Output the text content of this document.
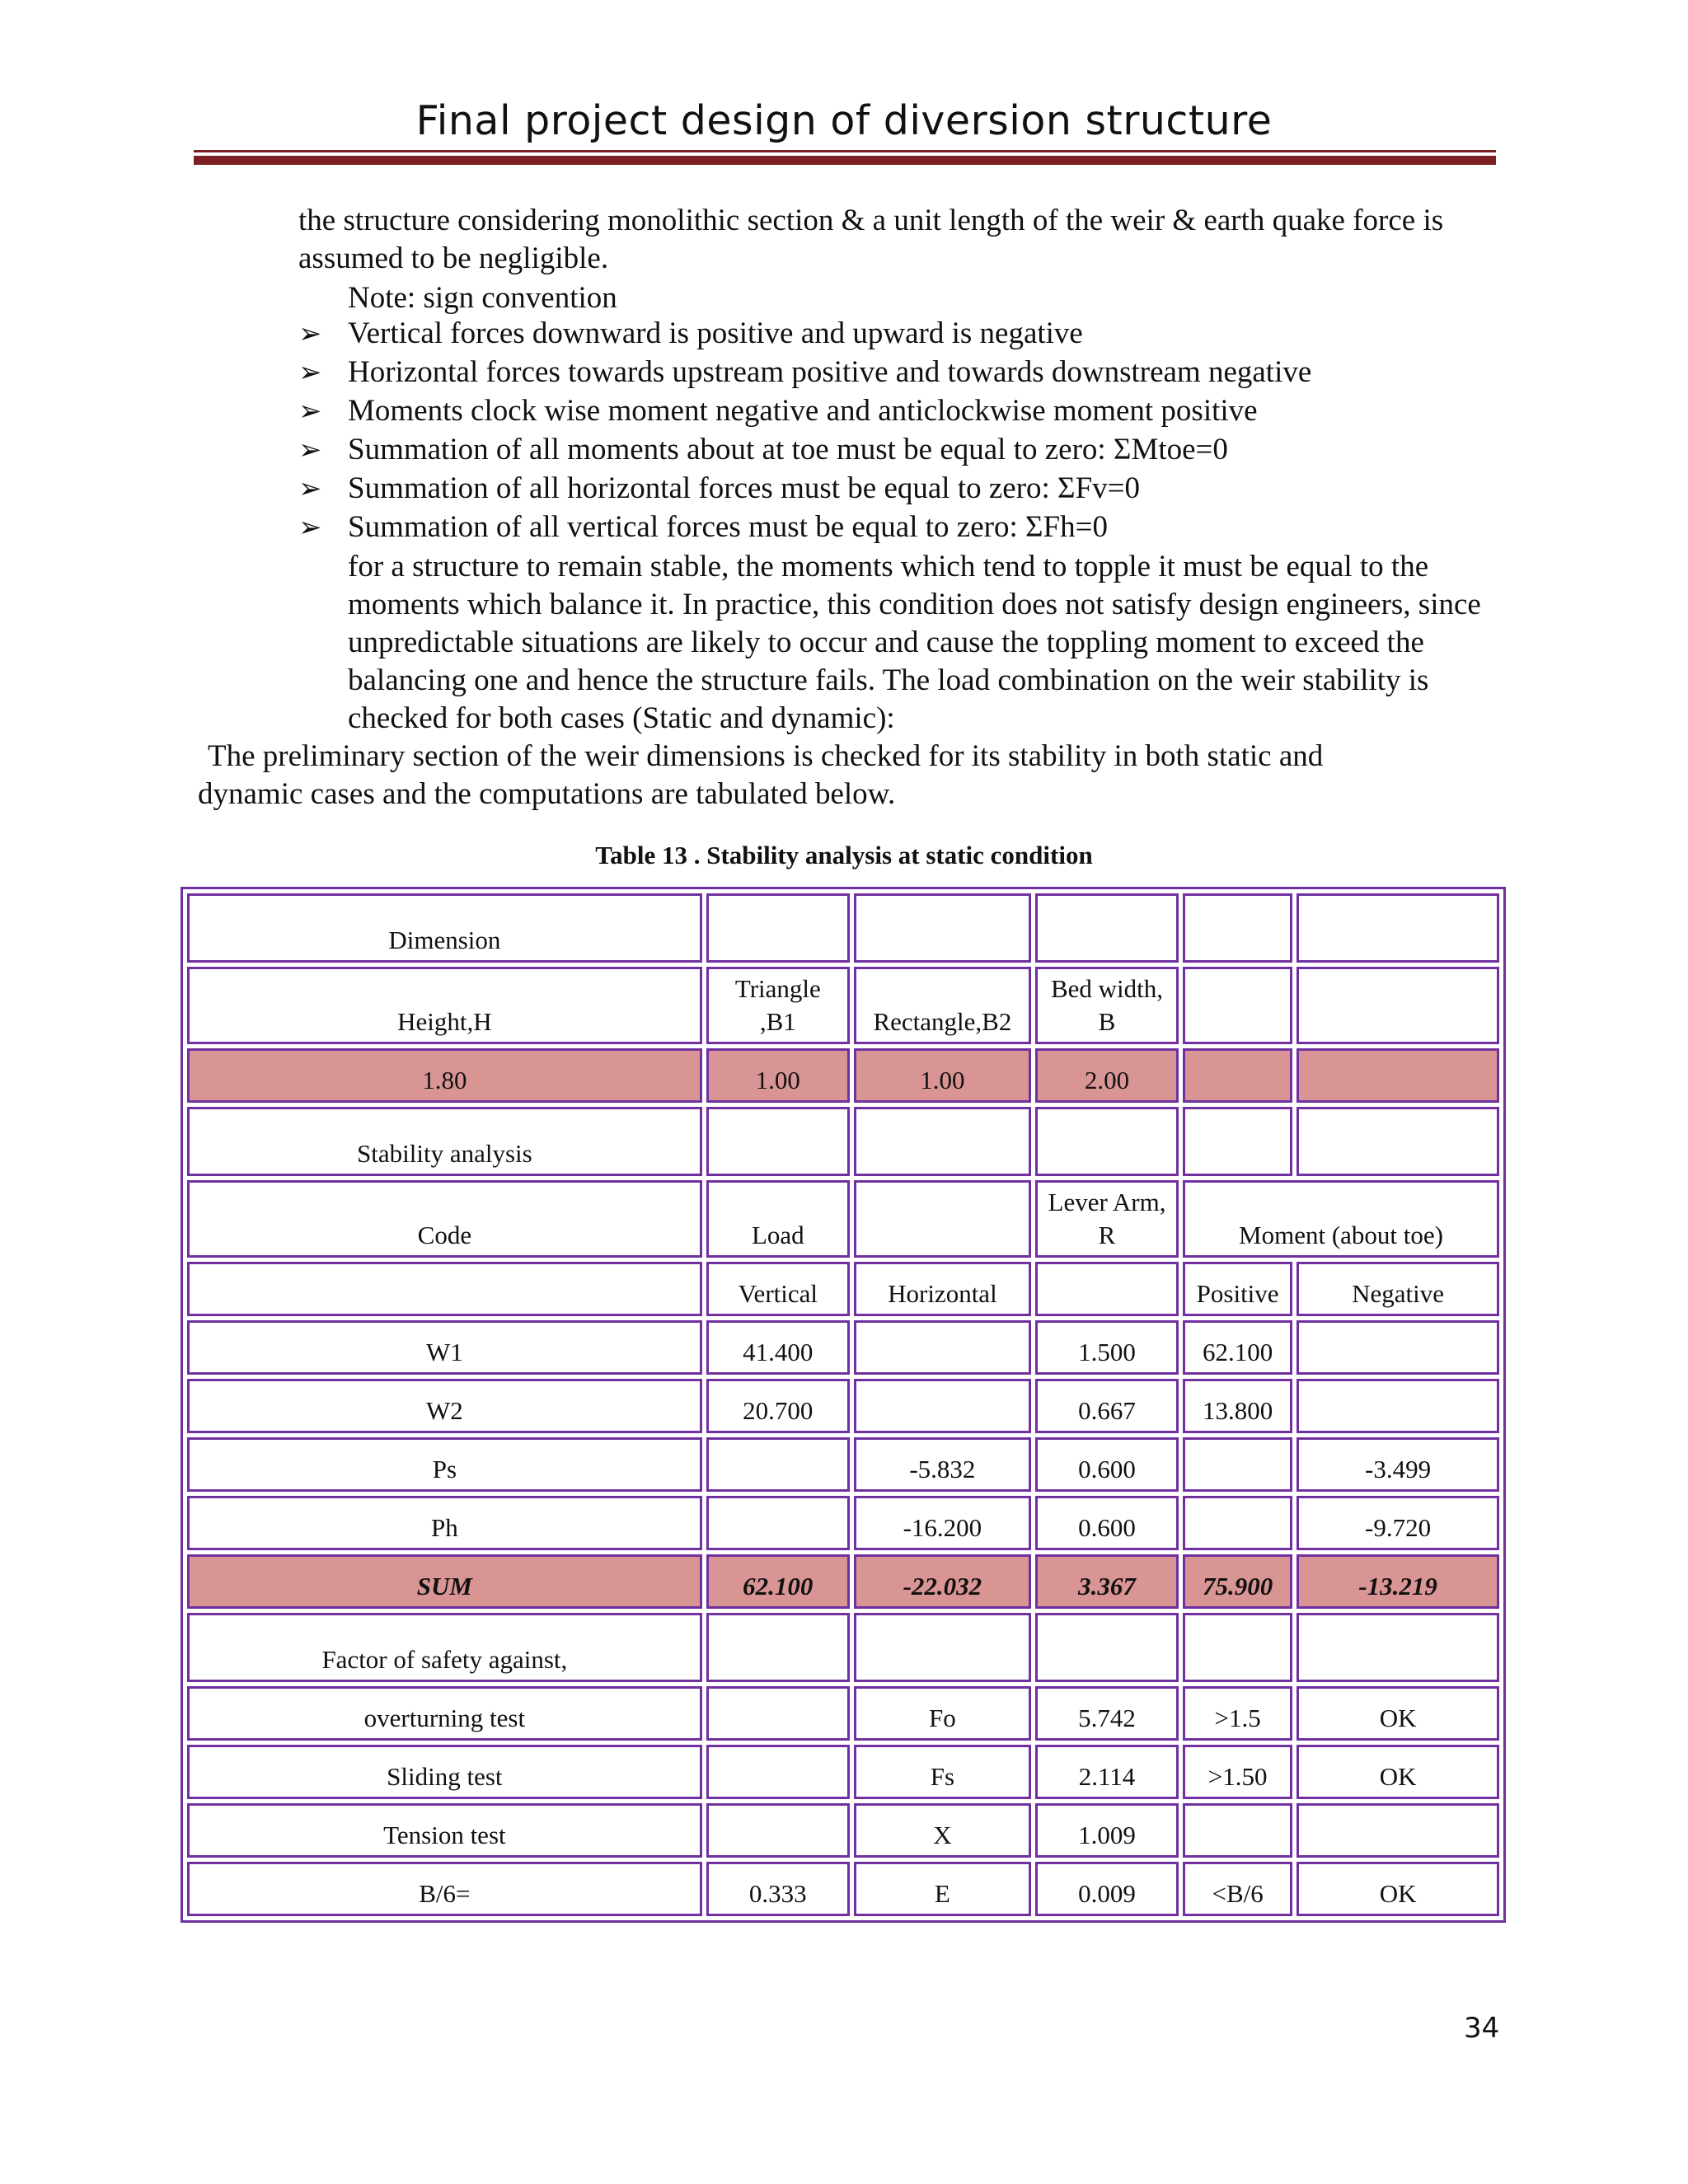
Final project design of diversion structure
the structure considering monolithic section & a unit length of the weir & earth quake force is assumed to be negligible.
Note: sign convention
➢ Vertical forces downward is positive and upward is negative
➢ Horizontal forces towards upstream positive and towards downstream negative
➢ Moments clock wise moment negative and anticlockwise moment positive
➢ Summation of all moments about at toe must be equal to zero: ΣMtoe=0
➢ Summation of all horizontal forces must be equal to zero: ΣFv=0
➢ Summation of all vertical forces must be equal to zero: ΣFh=0
for a structure to remain stable, the moments which tend to topple it must be equal to the moments which balance it. In practice, this condition does not satisfy design engineers, since unpredictable situations are likely to occur and cause the toppling moment to exceed the balancing one and hence the structure fails. The load combination on the weir stability is checked for both cases (Static and dynamic):
The preliminary section of the weir dimensions is checked for its stability in both static and dynamic cases and the computations are tabulated below.
Table 13 . Stability analysis at static condition
Dimension					
Height,H	Triangle ,B1	Rectangle,B2	Bed width, B		
1.80	1.00	1.00	2.00		
Stability analysis					
Code	Load		Lever Arm, R	Moment (about toe)	
	Vertical	Horizontal		Positive	Negative
W1	41.400		1.500	62.100	
W2	20.700		0.667	13.800	
Ps		-5.832	0.600		-3.499
Ph		-16.200	0.600		-9.720
SUM	62.100	-22.032	3.367	75.900	-13.219
Factor of safety against,					
overturning test		Fo	5.742	>1.5	OK
Sliding test		Fs	2.114	>1.50	OK
Tension test		X	1.009		
B/6=	0.333	E	0.009	<B/6	OK
34
